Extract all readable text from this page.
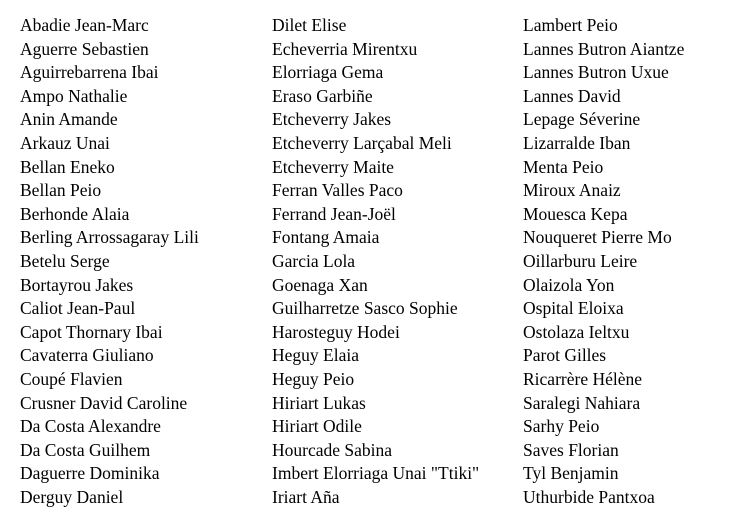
Abadie Jean-Marc
Aguerre Sebastien
Aguirrebarrena Ibai
Ampo Nathalie
Anin Amande
Arkauz Unai
Bellan Eneko
Bellan Peio
Berhonde Alaia
Berling Arrossagaray Lili
Betelu Serge
Bortayrou Jakes
Caliot Jean-Paul
Capot Thornary Ibai
Cavaterra Giuliano
Coupé Flavien
Crusner David Caroline
Da Costa Alexandre
Da Costa Guilhem
Daguerre Dominika
Derguy Daniel
Dilet Elise
Echeverria Mirentxu
Elorriaga Gema
Eraso Garbiñe
Etcheverry Jakes
Etcheverry Larçabal Meli
Etcheverry Maite
Ferran Valles Paco
Ferrand Jean-Joël
Fontang Amaia
Garcia Lola
Goenaga Xan
Guilharretze Sasco Sophie
Harosteguy Hodei
Heguy Elaia
Heguy Peio
Hiriart Lukas
Hiriart Odile
Hourcade Sabina
Imbert Elorriaga Unai "Ttiki"
Iriart Aña
Lambert Peio
Lannes Butron Aiantze
Lannes Butron Uxue
Lannes David
Lepage Séverine
Lizarralde Iban
Menta Peio
Miroux Anaiz
Mouesca Kepa
Nouqueret Pierre Mo
Oillarburu Leire
Olaizola Yon
Ospital Eloixa
Ostolaza Ieltxu
Parot Gilles
Ricarrère Hélène
Saralegi Nahiara
Sarhy Peio
Saves Florian
Tyl Benjamin
Uthurbide Pantxoa
